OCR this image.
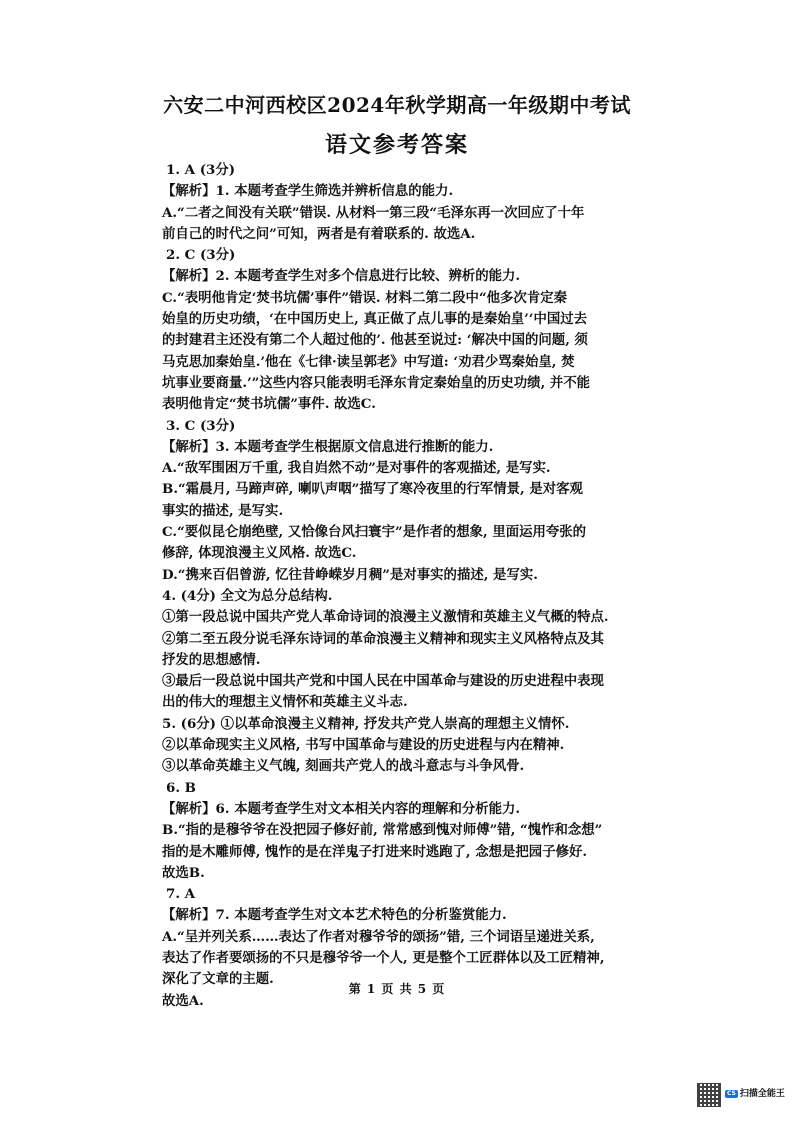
六安二中河西校区2024年秋学期高一年级期中考试
语文参考答案
1. A (3分)
【解析】1. 本题考查学生筛选并辨析信息的能力.
A.“二者之间没有关联”错误. 从材料一第三段“毛泽东再一次回应了十年
前自己的时代之问”可知，两者是有着联系的. 故选A.
2. C (3分)
【解析】2. 本题考查学生对多个信息进行比较、辨析的能力.
C.“表明他肯定‘焚书坑儒’事件”错误. 材料二第二段中“他多次肯定秦
始皇的历史功绩，‘在中国历史上, 真正做了点儿事的是秦始皇’‘中国过去
的封建君主还没有第二个人超过他的’. 他甚至说过: ‘解决中国的问题, 须
马克思加秦始皇.’他在《七律·读呈郭老》中写道: ‘劝君少骂秦始皇, 焚
坑事业要商量.’”这些内容只能表明毛泽东肯定秦始皇的历史功绩, 并不能
表明他肯定“焚书坑儒”事件. 故选C.
3. C (3分)
【解析】3. 本题考查学生根据原文信息进行推断的能力.
A.“敌军围困万千重, 我自岿然不动”是对事件的客观描述, 是写实.
B.“霜晨月, 马蹄声碎, 喇叭声咽”描写了寒冷夜里的行军情景, 是对客观
事实的描述, 是写实.
C.“要似昆仑崩绝壁, 又恰像台风扫寰宇”是作者的想象, 里面运用夸张的
修辞, 体现浪漫主义风格. 故选C.
D.“携来百侣曾游, 忆往昔峥嵘岁月稠”是对事实的描述, 是写实.
4. (4分) 全文为总分总结构.
①第一段总说中国共产党人革命诗词的浪漫主义激情和英雄主义气概的特点.
②第二至五段分说毛泽东诗词的革命浪漫主义精神和现实主义风格特点及其
抒发的思想感情.
③最后一段总说中国共产党和中国人民在中国革命与建设的历史进程中表现
出的伟大的理想主义情怀和英雄主义斗志.
5. (6分) ①以革命浪漫主义精神, 抒发共产党人崇高的理想主义情怀.
②以革命现实主义风格, 书写中国革命与建设的历史进程与内在精神.
③以革命英雄主义气魄, 刻画共产党人的战斗意志与斗争风骨.
6. B
【解析】6. 本题考查学生对文本相关内容的理解和分析能力.
B.“指的是穆爷爷在没把园子修好前, 常常感到愧对师傅”错, “愧怍和念想”
指的是木雕师傅, 愧怍的是在洋鬼子打进来时逃跑了, 念想是把园子修好.
故选B.
7. A
【解析】7. 本题考查学生对文本艺术特色的分析鉴赏能力.
A.“呈并列关系……表达了作者对穆爷爷的颂扬”错, 三个词语呈递进关系,
表达了作者要颂扬的不只是穆爷爷一个人, 更是整个工匠群体以及工匠精神,
深化了文章的主题.
故选A.
第 1 页 共 5 页
CS 扫描全能王
